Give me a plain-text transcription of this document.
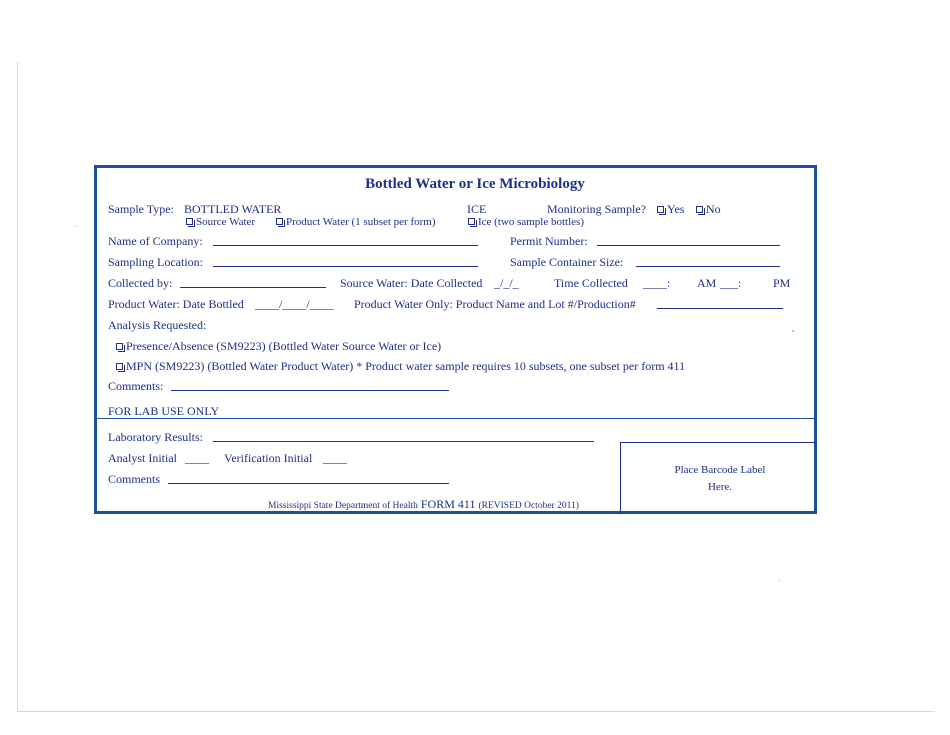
Bottled Water or Ice Microbiology
Sample Type: BOTTLED WATER	ICE	Monitoring Sample?	Yes	No
Source Water	Product Water (1 subset per form)	Ice (two sample bottles)
Name of Company:	Permit Number:
Sampling Location:	Sample Container Size:
Collected by:	Source Water: Date Collected _/_/_	Time Collected ____: AM ___:	PM
Product Water: Date Bottled ____/____/____ Product Water Only: Product Name and Lot #/Production#
Analysis Requested:
Presence/Absence (SM9223) (Bottled Water Source Water or Ice)
MPN (SM9223) (Bottled Water Product Water) * Product water sample requires 10 subsets, one subset per form 411
Comments:
FOR LAB USE ONLY
Laboratory Results:
Analyst Initial ____ Verification Initial ____
Comments
Place Barcode Label
Here.
Mississippi State Department of Health FORM 411 (REVISED October 2011)
